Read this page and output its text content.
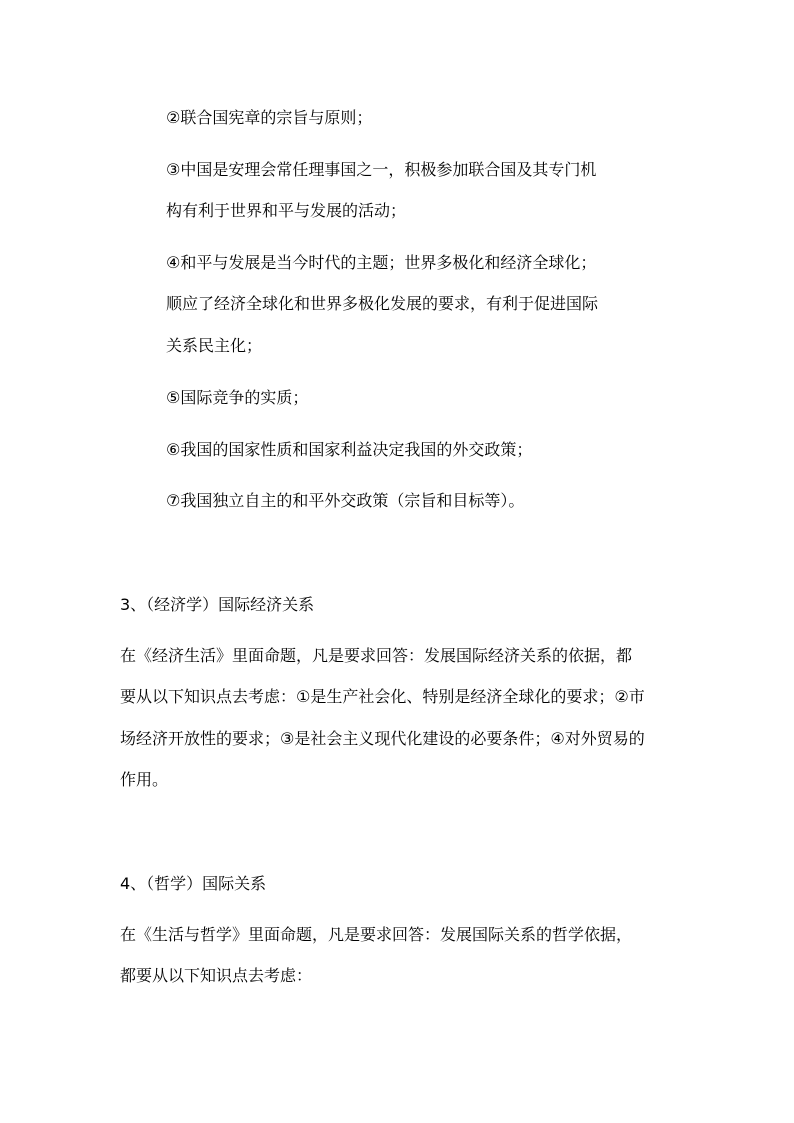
②联合国宪章的宗旨与原则；
③中国是安理会常任理事国之一，积极参加联合国及其专门机
构有利于世界和平与发展的活动；
④和平与发展是当今时代的主题；世界多极化和经济全球化；
顺应了经济全球化和世界多极化发展的要求，有利于促进国际
关系民主化；
⑤国际竞争的实质；
⑥我国的国家性质和国家利益决定我国的外交政策；
⑦我国独立自主的和平外交政策（宗旨和目标等）。
3、（经济学）国际经济关系
在《经济生活》里面命题，凡是要求回答：发展国际经济关系的依据，都
要从以下知识点去考虑：①是生产社会化、特别是经济全球化的要求；②市
场经济开放性的要求；③是社会主义现代化建设的必要条件；④对外贸易的
作用。
4、（哲学）国际关系
在《生活与哲学》里面命题，凡是要求回答：发展国际关系的哲学依据，
都要从以下知识点去考虑：
